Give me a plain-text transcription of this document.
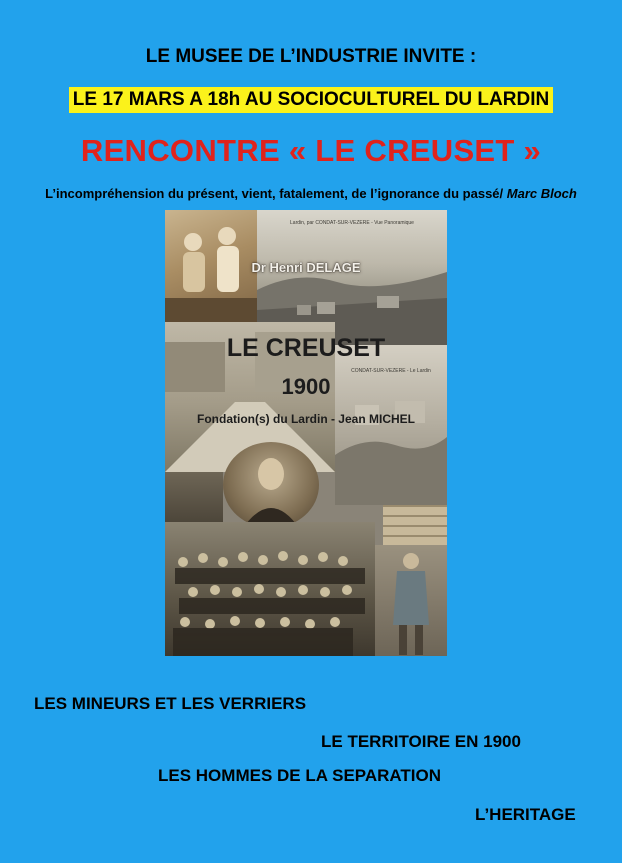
LE MUSEE DE L’INDUSTRIE INVITE :
LE 17 MARS A 18h AU SOCIOCULTUREL DU LARDIN
RENCONTRE « LE CREUSET »
L’incompréhension du présent, vient, fatalement, de l’ignorance du passé/ Marc Bloch
Lardin, par CONDAT-SUR-VEZERE - Vue Panoramique
CONDAT-SUR-VEZERE - Le Lardin
Dr Henri DELAGE
LE CREUSET
1900
Fondation(s) du Lardin - Jean MICHEL
LES MINEURS ET LES VERRIERS
LE TERRITOIRE EN 1900
LES HOMMES DE LA SEPARATION
L’HERITAGE
